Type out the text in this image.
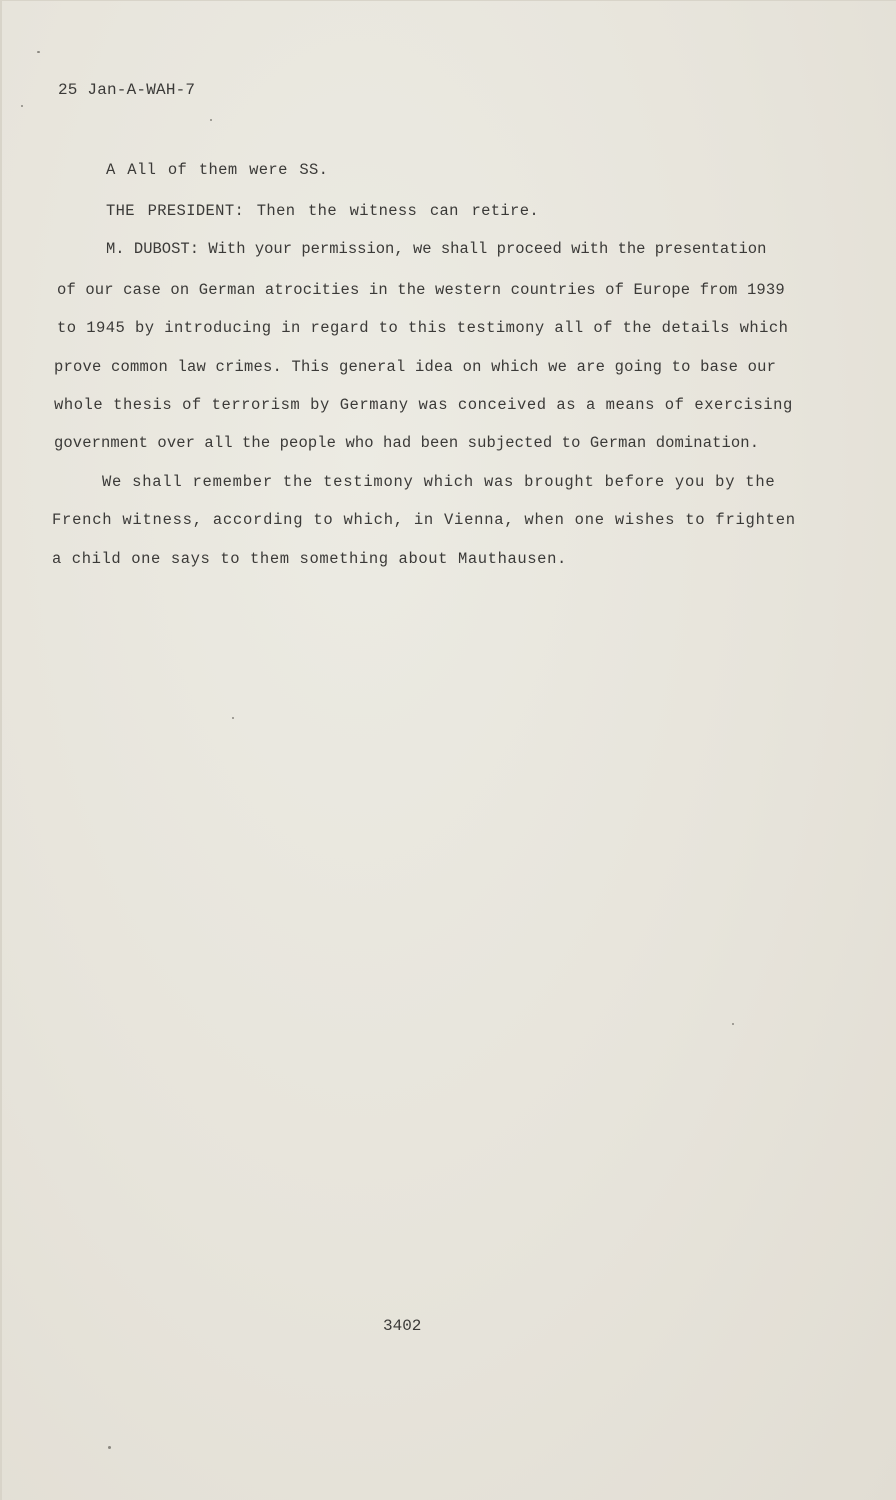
25 Jan-A-WAH-7
A All of them were SS.
THE PRESIDENT: Then the witness can retire.
M. DUBOST: With your permission, we shall proceed with the presentation
of our case on German atrocities in the western countries of Europe from 1939
to 1945 by introducing in regard to this testimony all of the details which
prove common law crimes. This general idea on which we are going to base our
whole thesis of terrorism by Germany was conceived as a means of exercising
government over all the people who had been subjected to German domination.
We shall remember the testimony which was brought before you by the
French witness, according to which, in Vienna, when one wishes to frighten
a child one says to them something about Mauthausen.
3402
